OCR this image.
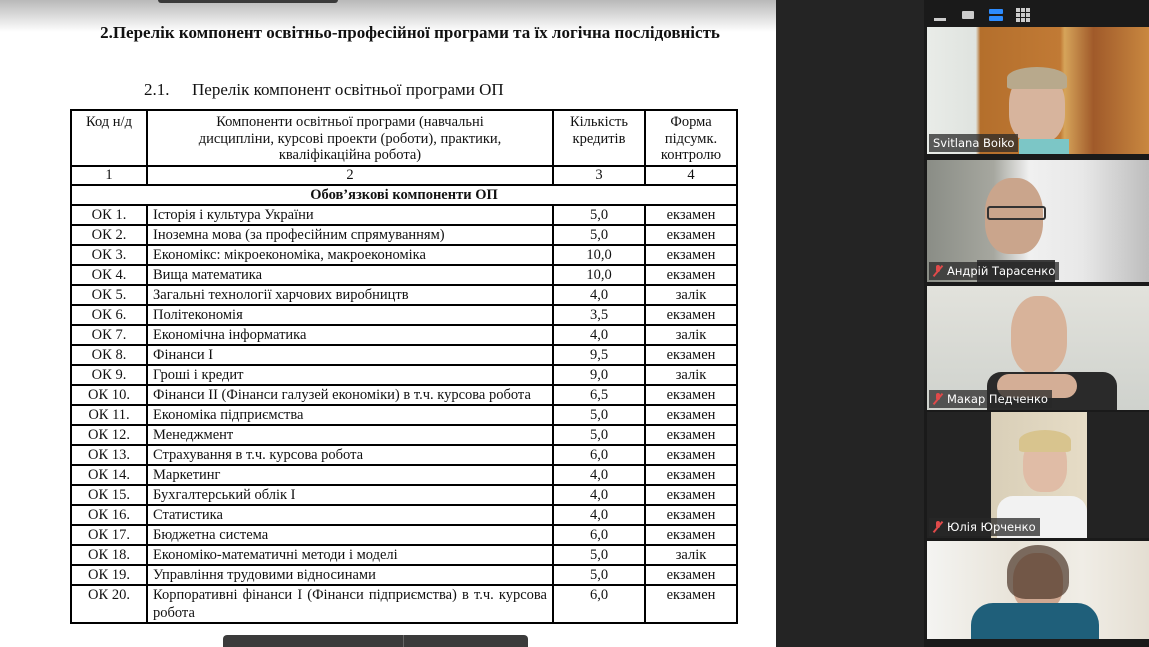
2.Перелік компонент освітньо-професійної програми та їх логічна послідовність
2.1. Перелік компонент освітньої програми ОП
Код н/д	Компоненти освітньої програми (навчальні дисципліни, курсові проекти (роботи), практики, кваліфікаційна робота)	Кількість кредитів	Форма підсумк. контролю
1	2	3	4
Обов’язкові компоненти ОП			
ОК 1.	Історія і культура України	5,0	екзамен
ОК 2.	Іноземна мова (за професійним спрямуванням)	5,0	екзамен
ОК 3.	Економікс: мікроекономіка, макроекономіка	10,0	екзамен
ОК 4.	Вища математика	10,0	екзамен
ОК 5.	Загальні технології харчових виробництв	4,0	залік
ОК 6.	Політекономія	3,5	екзамен
ОК 7.	Економічна інформатика	4,0	залік
ОК 8.	Фінанси I	9,5	екзамен
ОК 9.	Гроші і кредит	9,0	залік
ОК 10.	Фінанси II (Фінанси галузей економіки) в т.ч. курсова робота	6,5	екзамен
ОК 11.	Економіка підприємства	5,0	екзамен
ОК 12.	Менеджмент	5,0	екзамен
ОК 13.	Страхування в т.ч. курсова робота	6,0	екзамен
ОК 14.	Маркетинг	4,0	екзамен
ОК 15.	Бухгалтерський облік I	4,0	екзамен
ОК 16.	Статистика	4,0	екзамен
ОК 17.	Бюджетна система	6,0	екзамен
ОК 18.	Економіко-математичні методи і моделі	5,0	залік
ОК 19.	Управління трудовими відносинами	5,0	екзамен
ОК 20.	Корпоративні фінанси I (Фінанси підприємства) в т.ч. курсова робота	6,0	екзамен
Svitlana Boiko
Андрій Тарасенко
Макар Педченко
Юлія Юрченко
